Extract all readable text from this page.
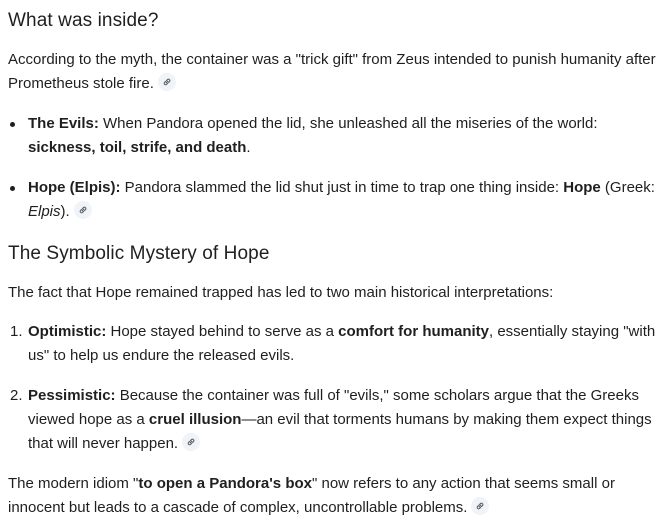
What was inside?

According to the myth, the container was a "trick gift" from Zeus intended to punish humanity after Prometheus stole fire.

The Evils: When Pandora opened the lid, she unleashed all the miseries of the world: sickness, toil, strife, and death.
Hope (Elpis): Pandora slammed the lid shut just in time to trap one thing inside: Hope (Greek: Elpis).
The Symbolic Mystery of Hope

The fact that Hope remained trapped has led to two main historical interpretations:

1. Optimistic: Hope stayed behind to serve as a comfort for humanity, essentially staying "with us" to help us endure the released evils.
2. Pessimistic: Because the container was full of "evils," some scholars argue that the Greeks viewed hope as a cruel illusion—an evil that torments humans by making them expect things that will never happen.

The modern idiom "to open a Pandora's box" now refers to any action that seems small or innocent but leads to a cascade of complex, uncontrollable problems.
